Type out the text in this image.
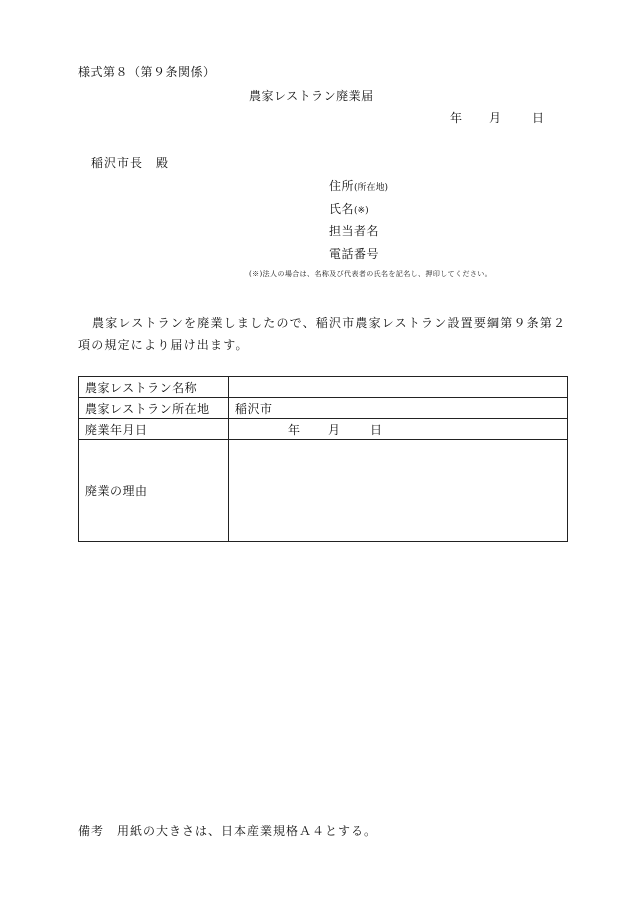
様式第８（第９条関係）
農家レストラン廃業届
年	月	日
稲沢市長　殿
住所(所在地)
氏名(※)
担当者名
電話番号
(※)法人の場合は、名称及び代表者の氏名を記名し、押印してください。
農家レストランを廃業しましたので、稲沢市農家レストラン設置要綱第９条第２項の規定により届け出ます。
農家レストラン名称	
農家レストラン所在地	稲沢市
廃業年月日	年 月 日

廃業の理由	
備考　用紙の大きさは、日本産業規格Ａ４とする。
